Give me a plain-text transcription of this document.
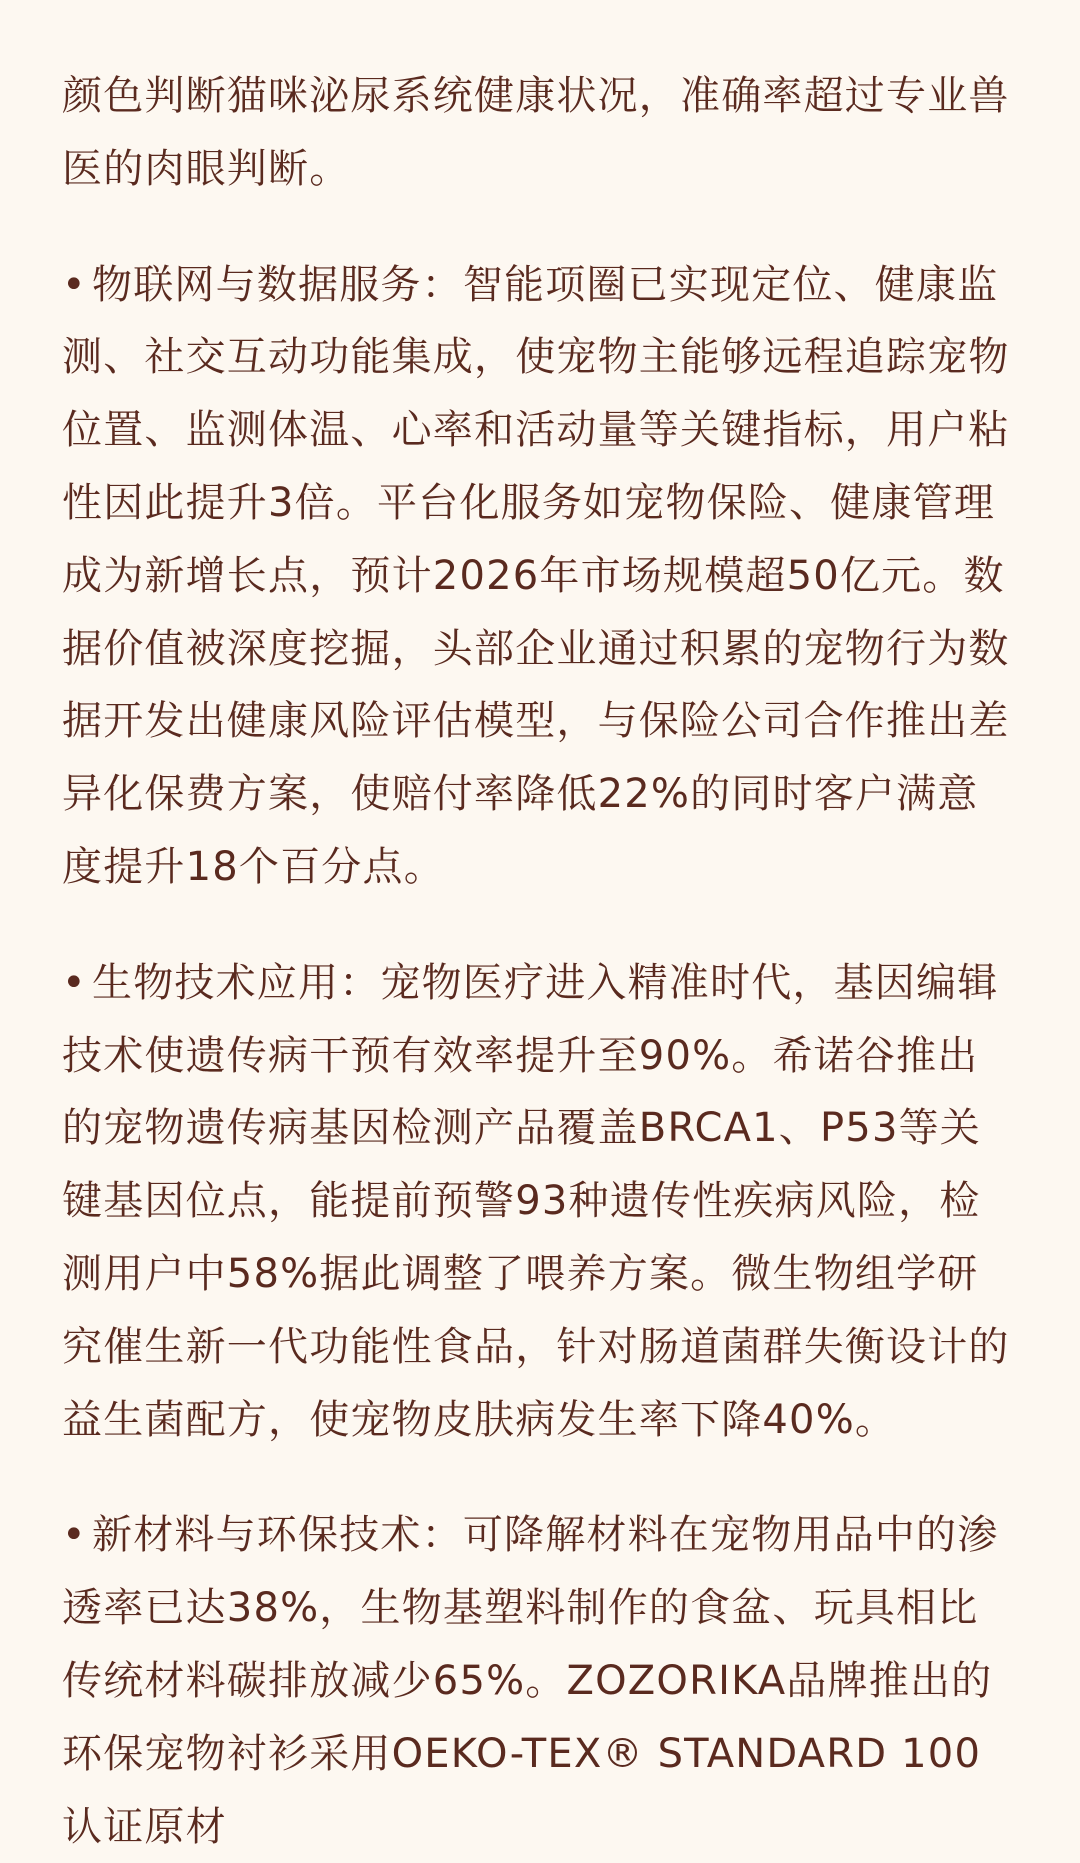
颜色判断猫咪泌尿系统健康状况，准确率超过专业兽医的肉眼判断。

• 物联网与数据服务：智能项圈已实现定位、健康监测、社交互动功能集成，使宠物主能够远程追踪宠物位置、监测体温、心率和活动量等关键指标，用户粘性因此提升3倍。平台化服务如宠物保险、健康管理成为新增长点，预计2026年市场规模超50亿元。数据价值被深度挖掘，头部企业通过积累的宠物行为数据开发出健康风险评估模型，与保险公司合作推出差异化保费方案，使赔付率降低22%的同时客户满意度提升18个百分点。

• 生物技术应用：宠物医疗进入精准时代，基因编辑技术使遗传病干预有效率提升至90%。希诺谷推出的宠物遗传病基因检测产品覆盖BRCA1、P53等关键基因位点，能提前预警93种遗传性疾病风险，检测用户中58%据此调整了喂养方案。微生物组学研究催生新一代功能性食品，针对肠道菌群失衡设计的益生菌配方，使宠物皮肤病发生率下降40%。

• 新材料与环保技术：可降解材料在宠物用品中的渗透率已达38%，生物基塑料制作的食盆、玩具相比传统材料碳排放减少65%。ZOZORIKA品牌推出的环保宠物衬衫采用OEKO-TEX® STANDARD 100认证原材
